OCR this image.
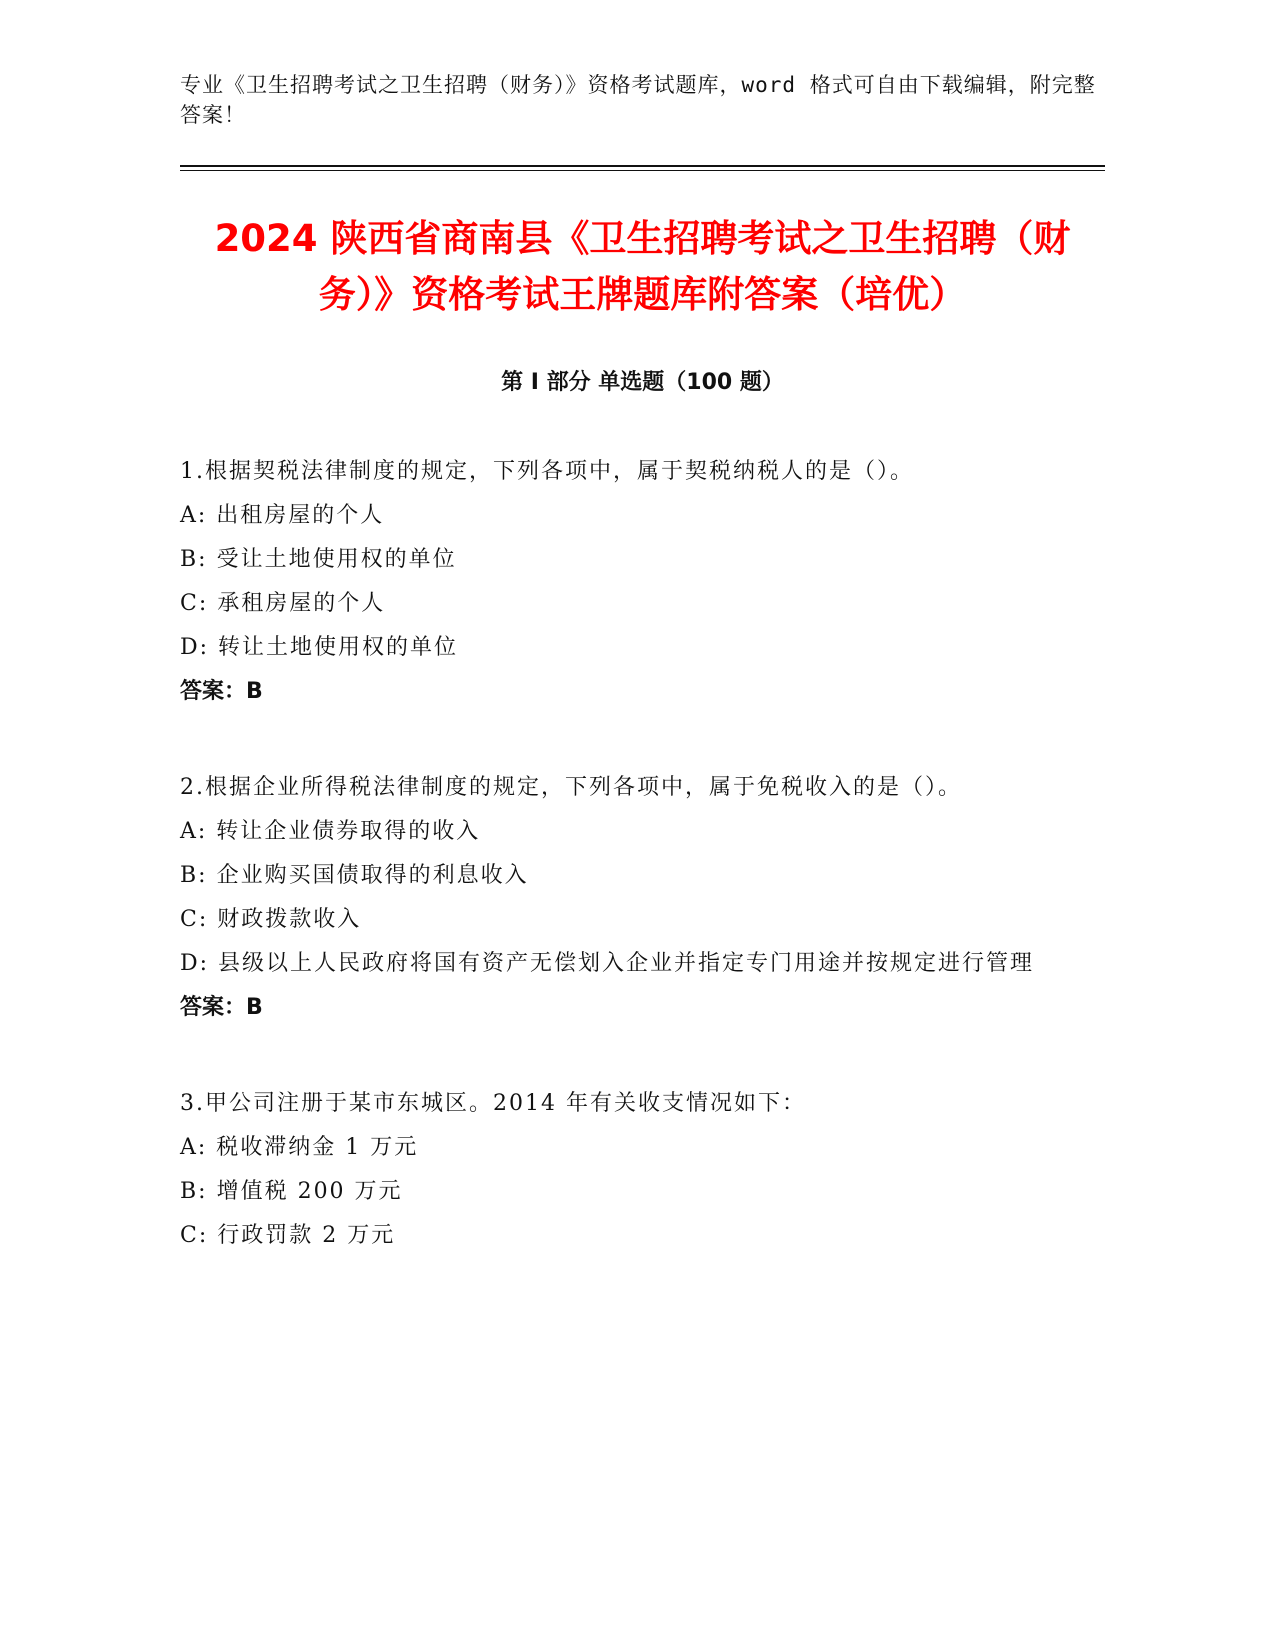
专业《卫生招聘考试之卫生招聘（财务）》资格考试题库，word 格式可自由下载编辑，附完整答案！

2024 陕西省商南县《卫生招聘考试之卫生招聘（财务）》资格考试王牌题库附答案（培优）
第 I 部分 单选题（100 题）

1.根据契税法律制度的规定，下列各项中，属于契税纳税人的是（）。

A: 出租房屋的个人

B: 受让土地使用权的单位

C: 承租房屋的个人

D: 转让土地使用权的单位

答案：B

2.根据企业所得税法律制度的规定，下列各项中，属于免税收入的是（）。

A: 转让企业债券取得的收入

B: 企业购买国债取得的利息收入

C: 财政拨款收入

D: 县级以上人民政府将国有资产无偿划入企业并指定专门用途并按规定进行管理

答案：B

3.甲公司注册于某市东城区。2014 年有关收支情况如下：

A: 税收滞纳金 1 万元

B: 增值税 200 万元

C: 行政罚款 2 万元
